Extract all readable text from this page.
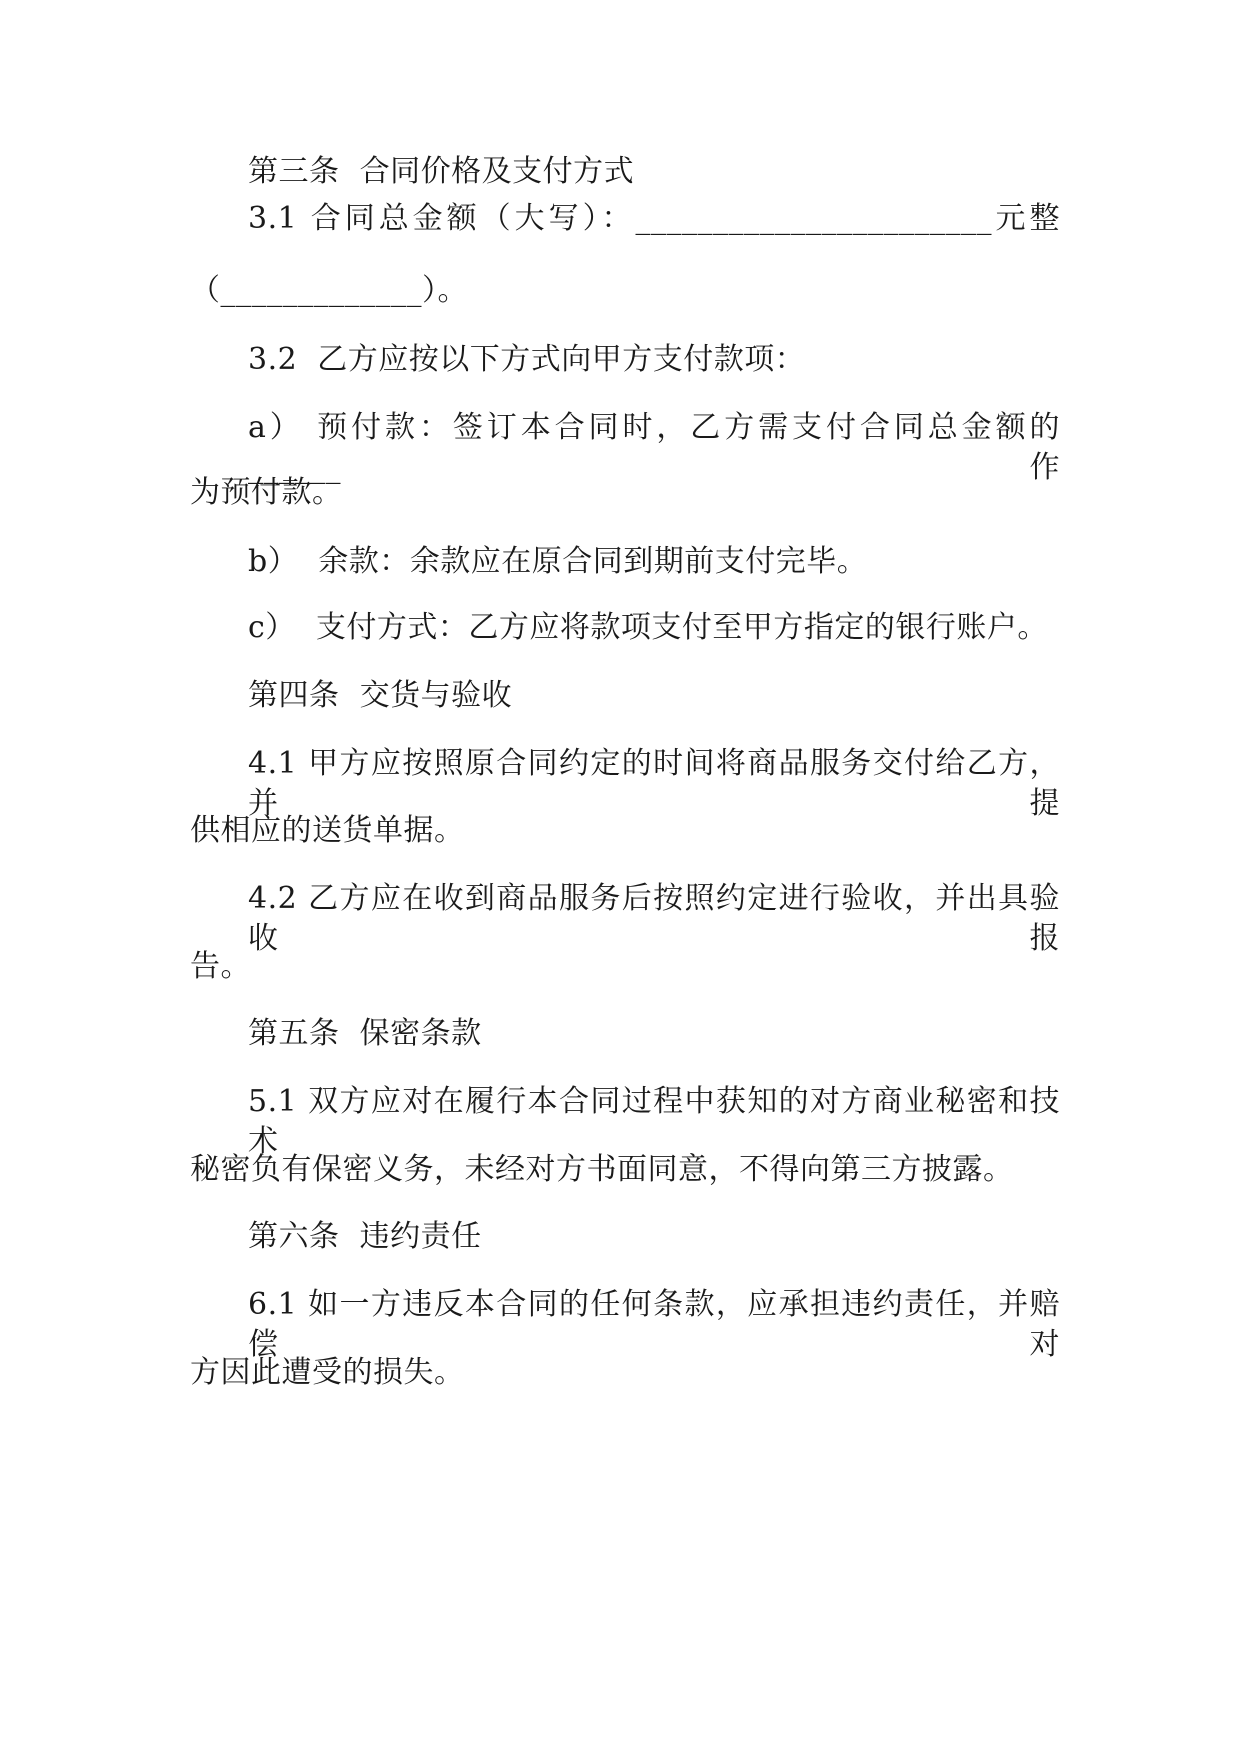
第三条  合同价格及支付方式
3.1 合同总金额（大写）：_______________________元整
（_____________）。
3.2  乙方应按以下方式向甲方支付款项：
a） 预付款：签订本合同时，乙方需支付合同总金额的______作
为预付款。
b）  余款：余款应在原合同到期前支付完毕。
c）  支付方式：乙方应将款项支付至甲方指定的银行账户。
第四条  交货与验收
4.1 甲方应按照原合同约定的时间将商品服务交付给乙方，并提
供相应的送货单据。
4.2 乙方应在收到商品服务后按照约定进行验收，并出具验收报
告。
第五条  保密条款
5.1 双方应对在履行本合同过程中获知的对方商业秘密和技术
秘密负有保密义务，未经对方书面同意，不得向第三方披露。
第六条  违约责任
6.1 如一方违反本合同的任何条款，应承担违约责任，并赔偿对
方因此遭受的损失。
